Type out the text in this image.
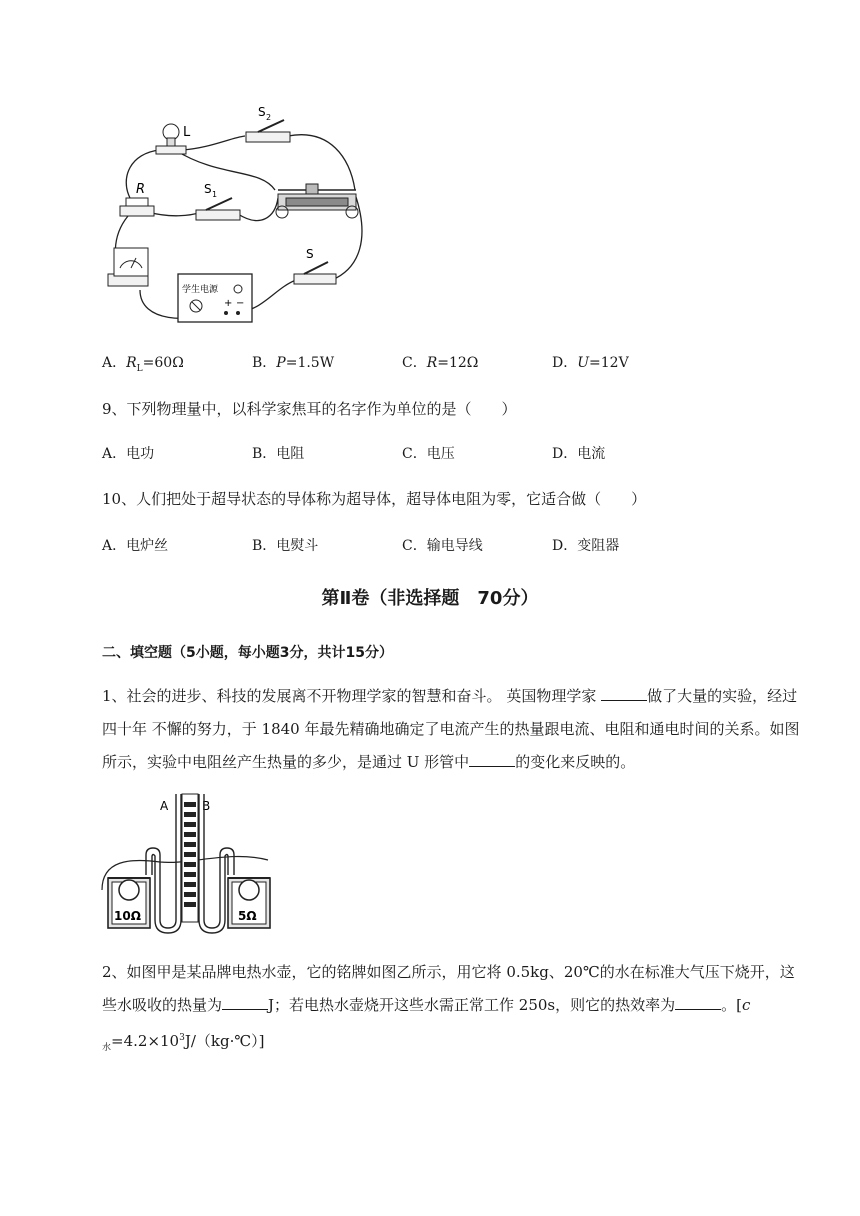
L
S 2
R	S 1
S
学生电源
+ −
A．$R_L=60\Omega$	B．P=1.5W	C．R=12Ω	D．U=12V
9、下列物理量中，以科学家焦耳的名字作为单位的是（　　）
A．电功	B．电阻	C．电压	D．电流
10、人们把处于超导状态的导体称为超导体，超导体电阻为零，它适合做（　　）
A．电炉丝	B．电熨斗	C．输电导线	D．变阻器
第Ⅱ卷（非选择题　70分）
二、填空题（5小题，每小题3分，共计15分）
1、社会的进步、科技的发展离不开物理学家的智慧和奋斗。 英国物理学家	做了大量的实验，经过四十年 不懈的努力，于 1840 年最先精确地确定了电流产生的热量跟电流、电阻和通电时间的关系。如图所示，实验中电阻丝产生热量的多少，是通过 U 形管中	的变化来反映的。
A	B
10Ω	5Ω
2、如图甲是某品牌电热水壶，它的铭牌如图乙所示，用它将 0.5kg、20℃的水在标准大气压下烧开，这些水吸收的热量为	J；若电热水壶烧开这些水需正常工作 250s，则它的热效率为	。[c
$_水=4.2\times 10^3J/(kg\cdot℃)$]
